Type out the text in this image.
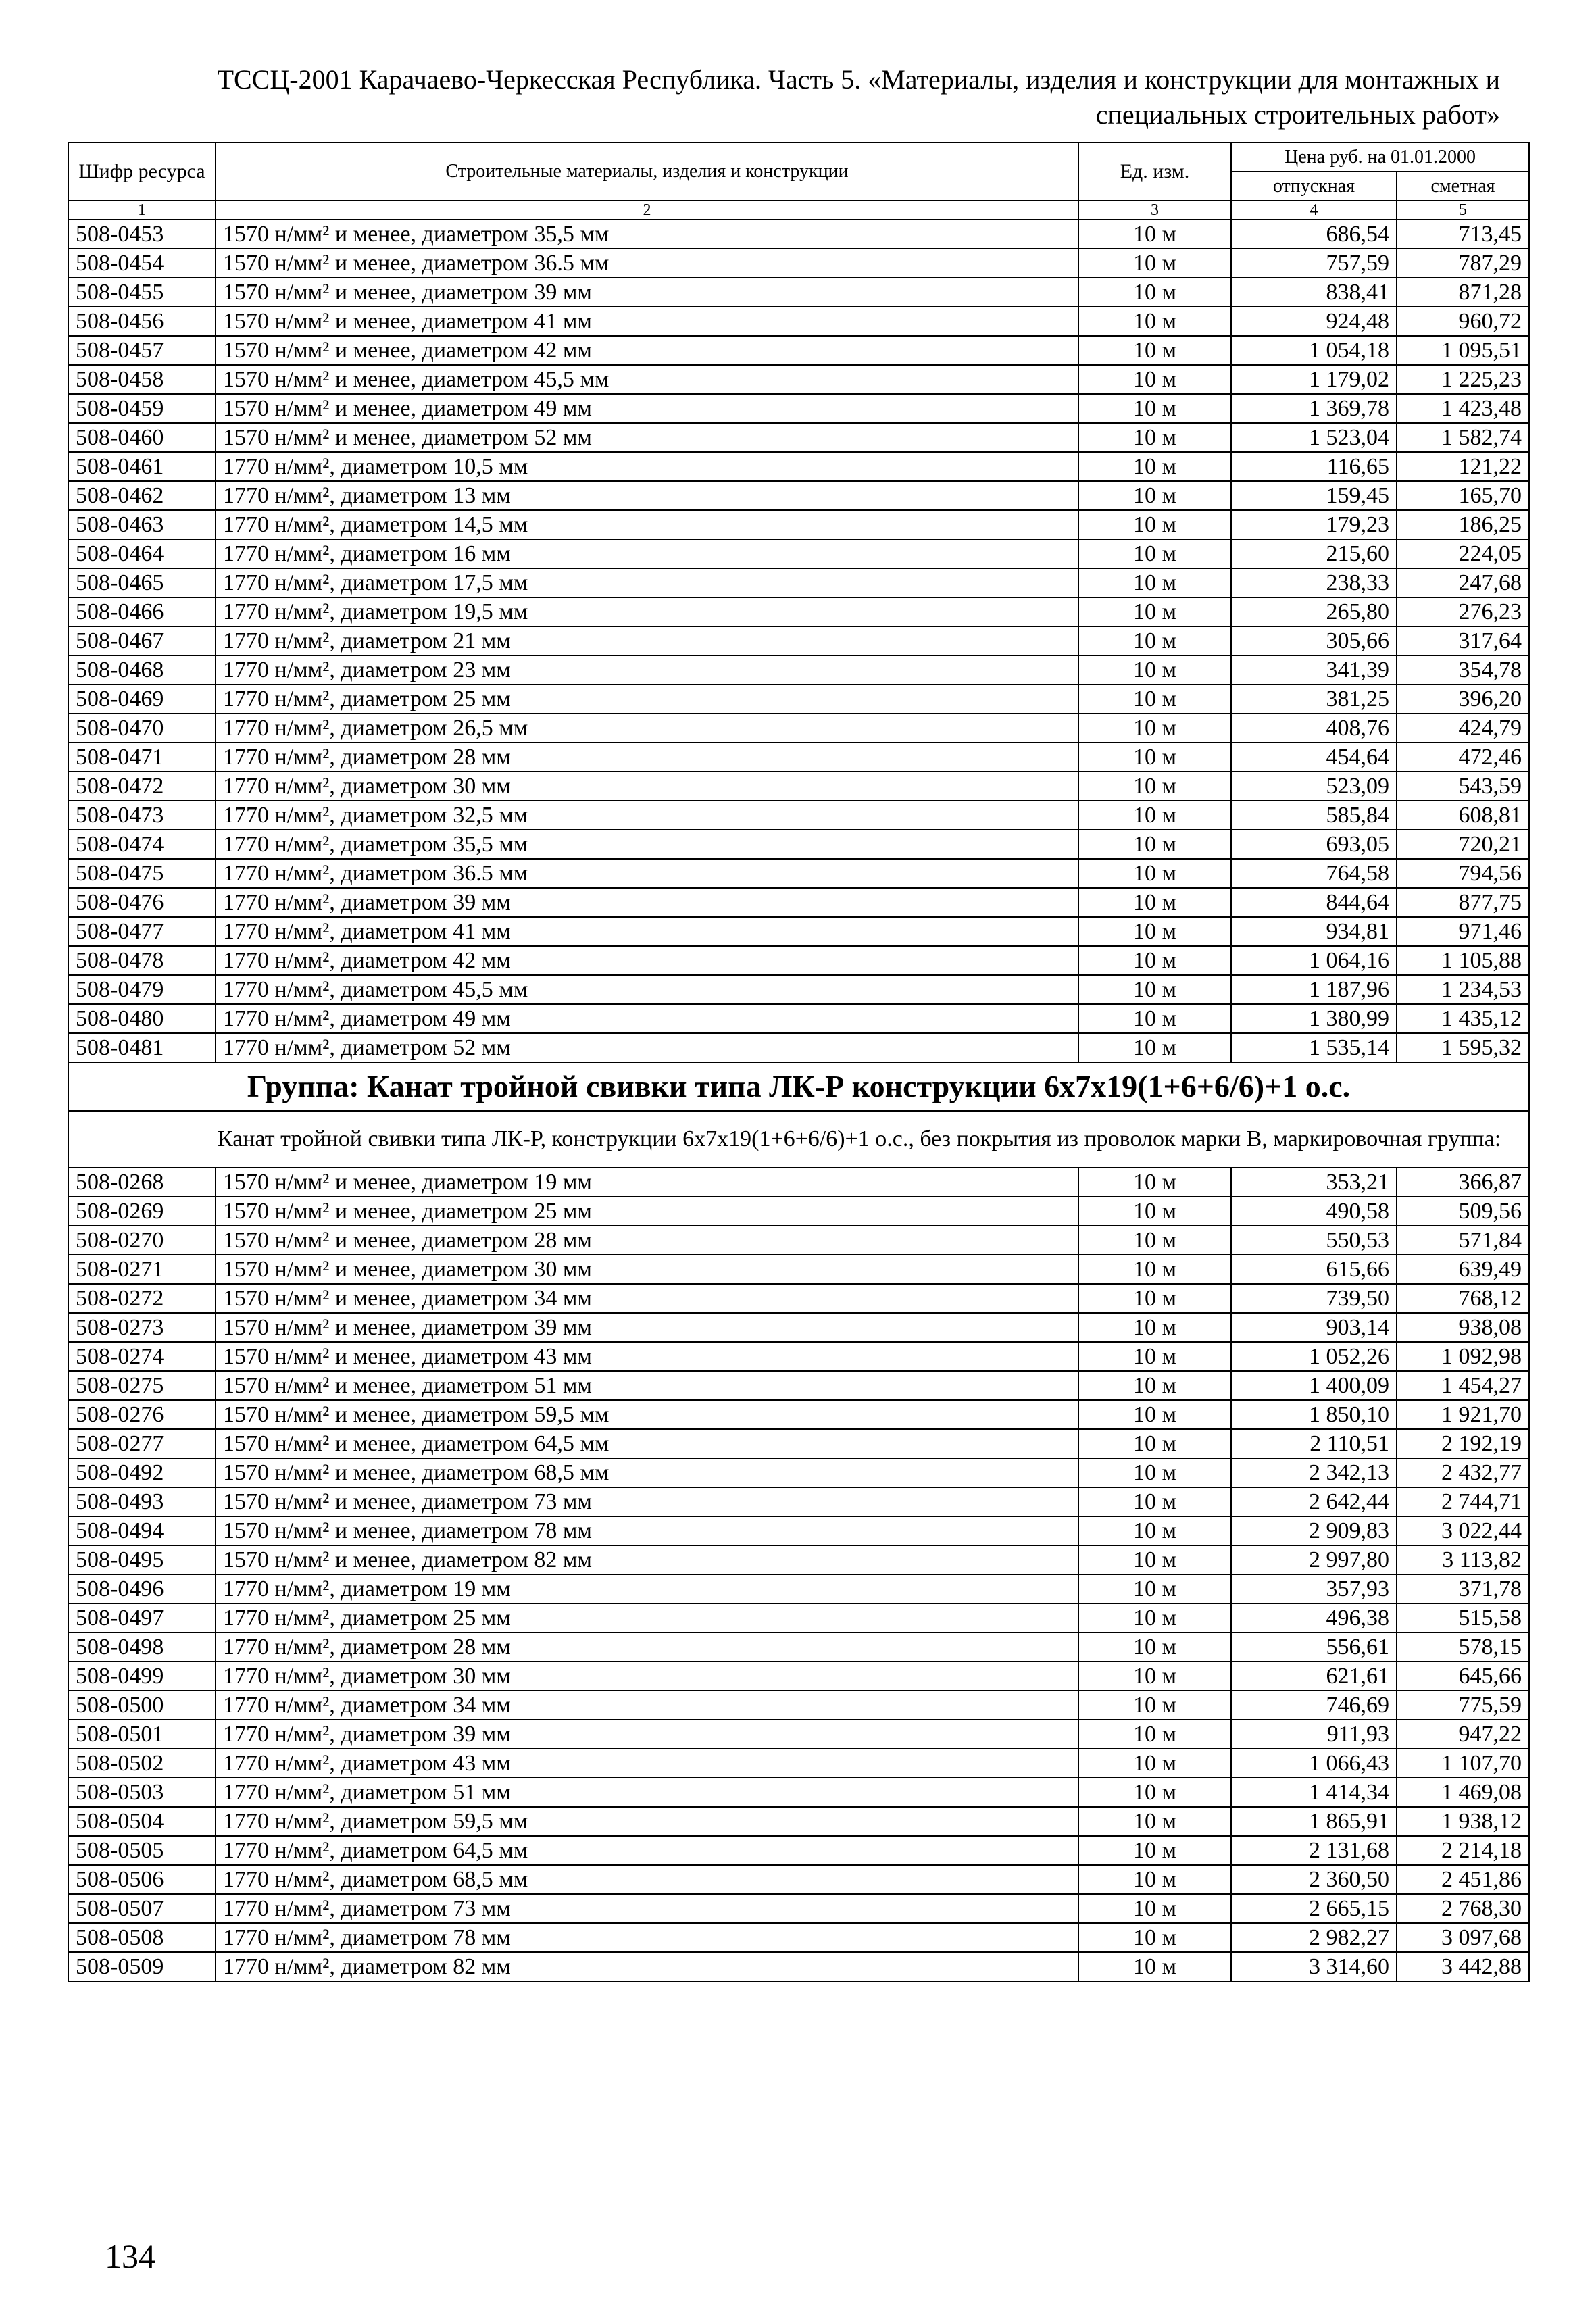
ТССЦ-2001 Карачаево-Черкесская Республика. Часть 5. «Материалы, изделия и конструкции для монтажных и
специальных строительных работ»
Шифр ресурса	Строительные материалы, изделия и конструкции	Ед. изм.	Цена руб. на 01.01.2000	
			отпускная	сметная
1	2	3	4	5
508-0453	1570 н/мм² и менее, диаметром 35,5 мм	10 м	686,54	713,45
508-0454	1570 н/мм² и менее, диаметром 36.5 мм	10 м	757,59	787,29
508-0455	1570 н/мм² и менее, диаметром 39 мм	10 м	838,41	871,28
508-0456	1570 н/мм² и менее, диаметром 41 мм	10 м	924,48	960,72
508-0457	1570 н/мм² и менее, диаметром 42 мм	10 м	1 054,18	1 095,51
508-0458	1570 н/мм² и менее, диаметром 45,5 мм	10 м	1 179,02	1 225,23
508-0459	1570 н/мм² и менее, диаметром 49 мм	10 м	1 369,78	1 423,48
508-0460	1570 н/мм² и менее, диаметром 52 мм	10 м	1 523,04	1 582,74
508-0461	1770 н/мм², диаметром 10,5 мм	10 м	116,65	121,22
508-0462	1770 н/мм², диаметром 13 мм	10 м	159,45	165,70
508-0463	1770 н/мм², диаметром 14,5 мм	10 м	179,23	186,25
508-0464	1770 н/мм², диаметром 16 мм	10 м	215,60	224,05
508-0465	1770 н/мм², диаметром 17,5 мм	10 м	238,33	247,68
508-0466	1770 н/мм², диаметром 19,5 мм	10 м	265,80	276,23
508-0467	1770 н/мм², диаметром 21 мм	10 м	305,66	317,64
508-0468	1770 н/мм², диаметром 23 мм	10 м	341,39	354,78
508-0469	1770 н/мм², диаметром 25 мм	10 м	381,25	396,20
508-0470	1770 н/мм², диаметром 26,5 мм	10 м	408,76	424,79
508-0471	1770 н/мм², диаметром 28 мм	10 м	454,64	472,46
508-0472	1770 н/мм², диаметром 30 мм	10 м	523,09	543,59
508-0473	1770 н/мм², диаметром 32,5 мм	10 м	585,84	608,81
508-0474	1770 н/мм², диаметром 35,5 мм	10 м	693,05	720,21
508-0475	1770 н/мм², диаметром 36.5 мм	10 м	764,58	794,56
508-0476	1770 н/мм², диаметром 39 мм	10 м	844,64	877,75
508-0477	1770 н/мм², диаметром 41 мм	10 м	934,81	971,46
508-0478	1770 н/мм², диаметром 42 мм	10 м	1 064,16	1 105,88
508-0479	1770 н/мм², диаметром 45,5 мм	10 м	1 187,96	1 234,53
508-0480	1770 н/мм², диаметром 49 мм	10 м	1 380,99	1 435,12
508-0481	1770 н/мм², диаметром 52 мм	10 м	1 535,14	1 595,32
Группа: Канат тройной свивки типа ЛК-Р конструкции 6х7х19(1+6+6/6)+1 о.с.				
Канат тройной свивки типа ЛК-Р, конструкции 6х7х19(1+6+6/6)+1 о.с., без покрытия из проволок марки В, маркировочная группа:				
508-0268	1570 н/мм² и менее, диаметром 19 мм	10 м	353,21	366,87
508-0269	1570 н/мм² и менее, диаметром 25 мм	10 м	490,58	509,56
508-0270	1570 н/мм² и менее, диаметром 28 мм	10 м	550,53	571,84
508-0271	1570 н/мм² и менее, диаметром 30 мм	10 м	615,66	639,49
508-0272	1570 н/мм² и менее, диаметром 34 мм	10 м	739,50	768,12
508-0273	1570 н/мм² и менее, диаметром 39 мм	10 м	903,14	938,08
508-0274	1570 н/мм² и менее, диаметром 43 мм	10 м	1 052,26	1 092,98
508-0275	1570 н/мм² и менее, диаметром 51 мм	10 м	1 400,09	1 454,27
508-0276	1570 н/мм² и менее, диаметром 59,5 мм	10 м	1 850,10	1 921,70
508-0277	1570 н/мм² и менее, диаметром 64,5 мм	10 м	2 110,51	2 192,19
508-0492	1570 н/мм² и менее, диаметром 68,5 мм	10 м	2 342,13	2 432,77
508-0493	1570 н/мм² и менее, диаметром 73 мм	10 м	2 642,44	2 744,71
508-0494	1570 н/мм² и менее, диаметром 78 мм	10 м	2 909,83	3 022,44
508-0495	1570 н/мм² и менее, диаметром 82 мм	10 м	2 997,80	3 113,82
508-0496	1770 н/мм², диаметром 19 мм	10 м	357,93	371,78
508-0497	1770 н/мм², диаметром 25 мм	10 м	496,38	515,58
508-0498	1770 н/мм², диаметром 28 мм	10 м	556,61	578,15
508-0499	1770 н/мм², диаметром 30 мм	10 м	621,61	645,66
508-0500	1770 н/мм², диаметром 34 мм	10 м	746,69	775,59
508-0501	1770 н/мм², диаметром 39 мм	10 м	911,93	947,22
508-0502	1770 н/мм², диаметром 43 мм	10 м	1 066,43	1 107,70
508-0503	1770 н/мм², диаметром 51 мм	10 м	1 414,34	1 469,08
508-0504	1770 н/мм², диаметром 59,5 мм	10 м	1 865,91	1 938,12
508-0505	1770 н/мм², диаметром 64,5 мм	10 м	2 131,68	2 214,18
508-0506	1770 н/мм², диаметром 68,5 мм	10 м	2 360,50	2 451,86
508-0507	1770 н/мм², диаметром 73 мм	10 м	2 665,15	2 768,30
508-0508	1770 н/мм², диаметром 78 мм	10 м	2 982,27	3 097,68
508-0509	1770 н/мм², диаметром 82 мм	10 м	3 314,60	3 442,88
134
